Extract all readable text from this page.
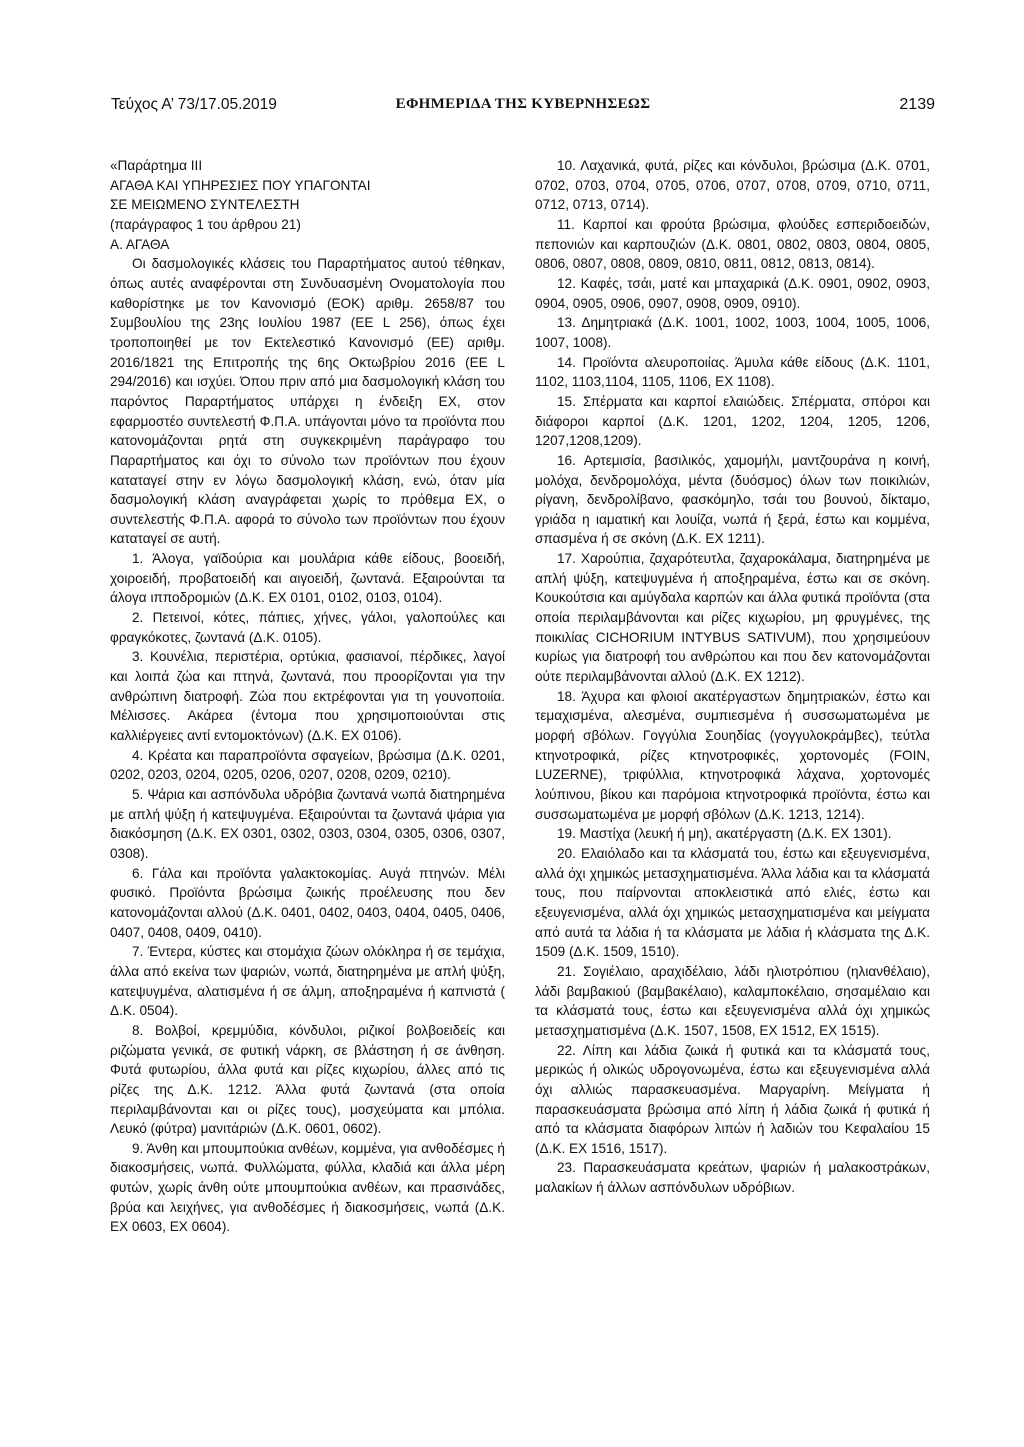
Τεύχος Α’ 73/17.05.2019	ΕΦΗΜΕΡΙΔΑ ΤΗΣ ΚΥΒΕΡΝΗΣΕΩΣ	2139
«Παράρτημα ΙΙΙ
ΑΓΑΘΑ ΚΑΙ ΥΠΗΡΕΣΙΕΣ ΠΟΥ ΥΠΑΓΟΝΤΑΙ
ΣΕ ΜΕΙΩΜΕΝΟ ΣΥΝΤΕΛΕΣΤΗ
(παράγραφος 1 του άρθρου 21)
Α. ΑΓΑΘΑ

Οι δασμολογικές κλάσεις του Παραρτήματος αυτού τέθηκαν, όπως αυτές αναφέρονται στη Συνδυασμένη Ονοματολογία που καθορίστηκε με τον Κανονισμό (ΕΟΚ) αριθμ. 2658/87 του Συμβουλίου της 23ης Ιουλίου 1987 (ΕΕ L 256), όπως έχει τροποποιηθεί με τον Εκτελεστικό Κανονισμό (ΕΕ) αριθμ. 2016/1821 της Επιτροπής της 6ης Οκτωβρίου 2016 (ΕΕ L 294/2016) και ισχύει. Όπου πριν από μια δασμολογική κλάση του παρόντος Παραρτήματος υπάρχει η ένδειξη ΕΧ, στον εφαρμοστέο συντελεστή Φ.Π.Α. υπάγονται μόνο τα προϊόντα που κατονομάζονται ρητά στη συγκεκριμένη παράγραφο του Παραρτήματος και όχι το σύνολο των προϊόντων που έχουν καταταγεί στην εν λόγω δασμολογική κλάση, ενώ, όταν μία δασμολογική κλάση αναγράφεται χωρίς το πρόθεμα ΕΧ, ο συντελεστής Φ.Π.Α. αφορά το σύνολο των προϊόντων που έχουν καταταγεί σε αυτή.

1. Άλογα, γαϊδούρια και μουλάρια κάθε είδους, βοοειδή, χοιροειδή, προβατοειδή και αιγοειδή, ζωντανά. Εξαιρούνται τα άλογα ιπποδρομιών (Δ.Κ. ΕΧ 0101, 0102, 0103, 0104).

2. Πετεινοί, κότες, πάπιες, χήνες, γάλοι, γαλοπούλες και φραγκόκοτες, ζωντανά (Δ.Κ. 0105).

3. Κουνέλια, περιστέρια, ορτύκια, φασιανοί, πέρδικες, λαγοί και λοιπά ζώα και πτηνά, ζωντανά, που προορίζονται για την ανθρώπινη διατροφή. Ζώα που εκτρέφονται για τη γουνοποιία. Μέλισσες. Ακάρεα (έντομα που χρησιμοποιούνται στις καλλιέργειες αντί εντομοκτόνων) (Δ.Κ. ΕΧ 0106).

4. Κρέατα και παραπροϊόντα σφαγείων, βρώσιμα (Δ.Κ. 0201, 0202, 0203, 0204, 0205, 0206, 0207, 0208, 0209, 0210).

5. Ψάρια και ασπόνδυλα υδρόβια ζωντανά νωπά διατηρημένα με απλή ψύξη ή κατεψυγμένα. Εξαιρούνται τα ζωντανά ψάρια για διακόσμηση (Δ.Κ. ΕΧ 0301, 0302, 0303, 0304, 0305, 0306, 0307, 0308).

6. Γάλα και προϊόντα γαλακτοκομίας. Αυγά πτηνών. Μέλι φυσικό. Προϊόντα βρώσιμα ζωικής προέλευσης που δεν κατονομάζονται αλλού (Δ.Κ. 0401, 0402, 0403, 0404, 0405, 0406, 0407, 0408, 0409, 0410).

7. Έντερα, κύστες και στομάχια ζώων ολόκληρα ή σε τεμάχια, άλλα από εκείνα των ψαριών, νωπά, διατηρημένα με απλή ψύξη, κατεψυγμένα, αλατισμένα ή σε άλμη, αποξηραμένα ή καπνιστά ( Δ.Κ. 0504).

8. Βολβοί, κρεμμύδια, κόνδυλοι, ριζικοί βολβοειδείς και ριζώματα γενικά, σε φυτική νάρκη, σε βλάστηση ή σε άνθηση. Φυτά φυτωρίου, άλλα φυτά και ρίζες κιχωρίου, άλλες από τις ρίζες της Δ.Κ. 1212. Άλλα φυτά ζωντανά (στα οποία περιλαμβάνονται και οι ρίζες τους), μοσχεύματα και μπόλια. Λευκό (φύτρα) μανιτάριών (Δ.Κ. 0601, 0602).

9. Άνθη και μπουμπούκια ανθέων, κομμένα, για ανθοδέσμες ή διακοσμήσεις, νωπά. Φυλλώματα, φύλλα, κλαδιά και άλλα μέρη φυτών, χωρίς άνθη ούτε μπουμπούκια ανθέων, και πρασινάδες, βρύα και λειχήνες, για ανθοδέσμες ή διακοσμήσεις, νωπά (Δ.Κ. ΕΧ 0603, ΕΧ 0604).

10. Λαχανικά, φυτά, ρίζες και κόνδυλοι, βρώσιμα (Δ.Κ. 0701, 0702, 0703, 0704, 0705, 0706, 0707, 0708, 0709, 0710, 0711, 0712, 0713, 0714).

11. Καρποί και φρούτα βρώσιμα, φλούδες εσπεριδοειδών, πεπονιών και καρπουζιών (Δ.Κ. 0801, 0802, 0803, 0804, 0805, 0806, 0807, 0808, 0809, 0810, 0811, 0812, 0813, 0814).

12. Καφές, τσάι, ματέ και μπαχαρικά (Δ.Κ. 0901, 0902, 0903, 0904, 0905, 0906, 0907, 0908, 0909, 0910).

13. Δημητριακά (Δ.Κ. 1001, 1002, 1003, 1004, 1005, 1006, 1007, 1008).

14. Προϊόντα αλευροποιίας. Άμυλα κάθε είδους (Δ.Κ. 1101, 1102, 1103,1104, 1105, 1106, ΕΧ 1108).

15. Σπέρματα και καρποί ελαιώδεις. Σπέρματα, σπόροι και διάφοροι καρποί (Δ.Κ. 1201, 1202, 1204, 1205, 1206, 1207,1208,1209).

16. Αρτεμισία, βασιλικός, χαμομήλι, μαντζουράνα η κοινή, μολόχα, δενδρομολόχα, μέντα (δυόσμος) όλων των ποικιλιών, ρίγανη, δενδρολίβανο, φασκόμηλο, τσάι του βουνού, δίκταμο, γριάδα η ιαματική και λουίζα, νωπά ή ξερά, έστω και κομμένα, σπασμένα ή σε σκόνη (Δ.Κ. ΕΧ 1211).

17. Χαρούπια, ζαχαρότευτλα, ζαχαροκάλαμα, διατηρημένα με απλή ψύξη, κατεψυγμένα ή αποξηραμένα, έστω και σε σκόνη. Κουκούτσια και αμύγδαλα καρπών και άλλα φυτικά προϊόντα (στα οποία περιλαμβάνονται και ρίζες κιχωρίου, μη φρυγμένες, της ποικιλίας CICHORIUM INTYBUS SATIVUM), που χρησιμεύουν κυρίως για διατροφή του ανθρώπου και που δεν κατονομάζονται ούτε περιλαμβάνονται αλλού (Δ.Κ. ΕΧ 1212).

18. Άχυρα και φλοιοί ακατέργαστων δημητριακών, έστω και τεμαχισμένα, αλεσμένα, συμπιεσμένα ή συσσωματωμένα με μορφή σβόλων. Γογγύλια Σουηδίας (γογγυλοκράμβες), τεύτλα κτηνοτροφικά, ρίζες κτηνοτροφικές, χορτονομές (FOIN, LUZERNE), τριφύλλια, κτηνοτροφικά λάχανα, χορτονομές λούπινου, βίκου και παρόμοια κτηνοτροφικά προϊόντα, έστω και συσσωματωμένα με μορφή σβόλων (Δ.Κ. 1213, 1214).

19. Μαστίχα (λευκή ή μη), ακατέργαστη (Δ.Κ. ΕΧ 1301).

20. Ελαιόλαδο και τα κλάσματά του, έστω και εξευγενισμένα, αλλά όχι χημικώς μετασχηματισμένα. Άλλα λάδια και τα κλάσματά τους, που παίρνονται αποκλειστικά από ελιές, έστω και εξευγενισμένα, αλλά όχι χημικώς μετασχηματισμένα και μείγματα από αυτά τα λάδια ή τα κλάσματα με λάδια ή κλάσματα της Δ.Κ. 1509 (Δ.Κ. 1509, 1510).

21. Σογιέλαιο, αραχιδέλαιο, λάδι ηλιοτρόπιου (ηλιανθέλαιο), λάδι βαμβακιού (βαμβακέλαιο), καλαμποκέλαιο, σησαμέλαιο και τα κλάσματά τους, έστω και εξευγενισμένα αλλά όχι χημικώς μετασχηματισμένα (Δ.Κ. 1507, 1508, ΕΧ 1512, ΕΧ 1515).

22. Λίπη και λάδια ζωικά ή φυτικά και τα κλάσματά τους, μερικώς ή ολικώς υδρογονωμένα, έστω και εξευγενισμένα αλλά όχι αλλιώς παρασκευασμένα. Μαργαρίνη. Μείγματα ή παρασκευάσματα βρώσιμα από λίπη ή λάδια ζωικά ή φυτικά ή από τα κλάσματα διαφόρων λιπών ή λαδιών του Κεφαλαίου 15 (Δ.Κ. ΕΧ 1516, 1517).

23. Παρασκευάσματα κρεάτων, ψαριών ή μαλακοστράκων, μαλακίων ή άλλων ασπόνδυλων υδρόβιων.
